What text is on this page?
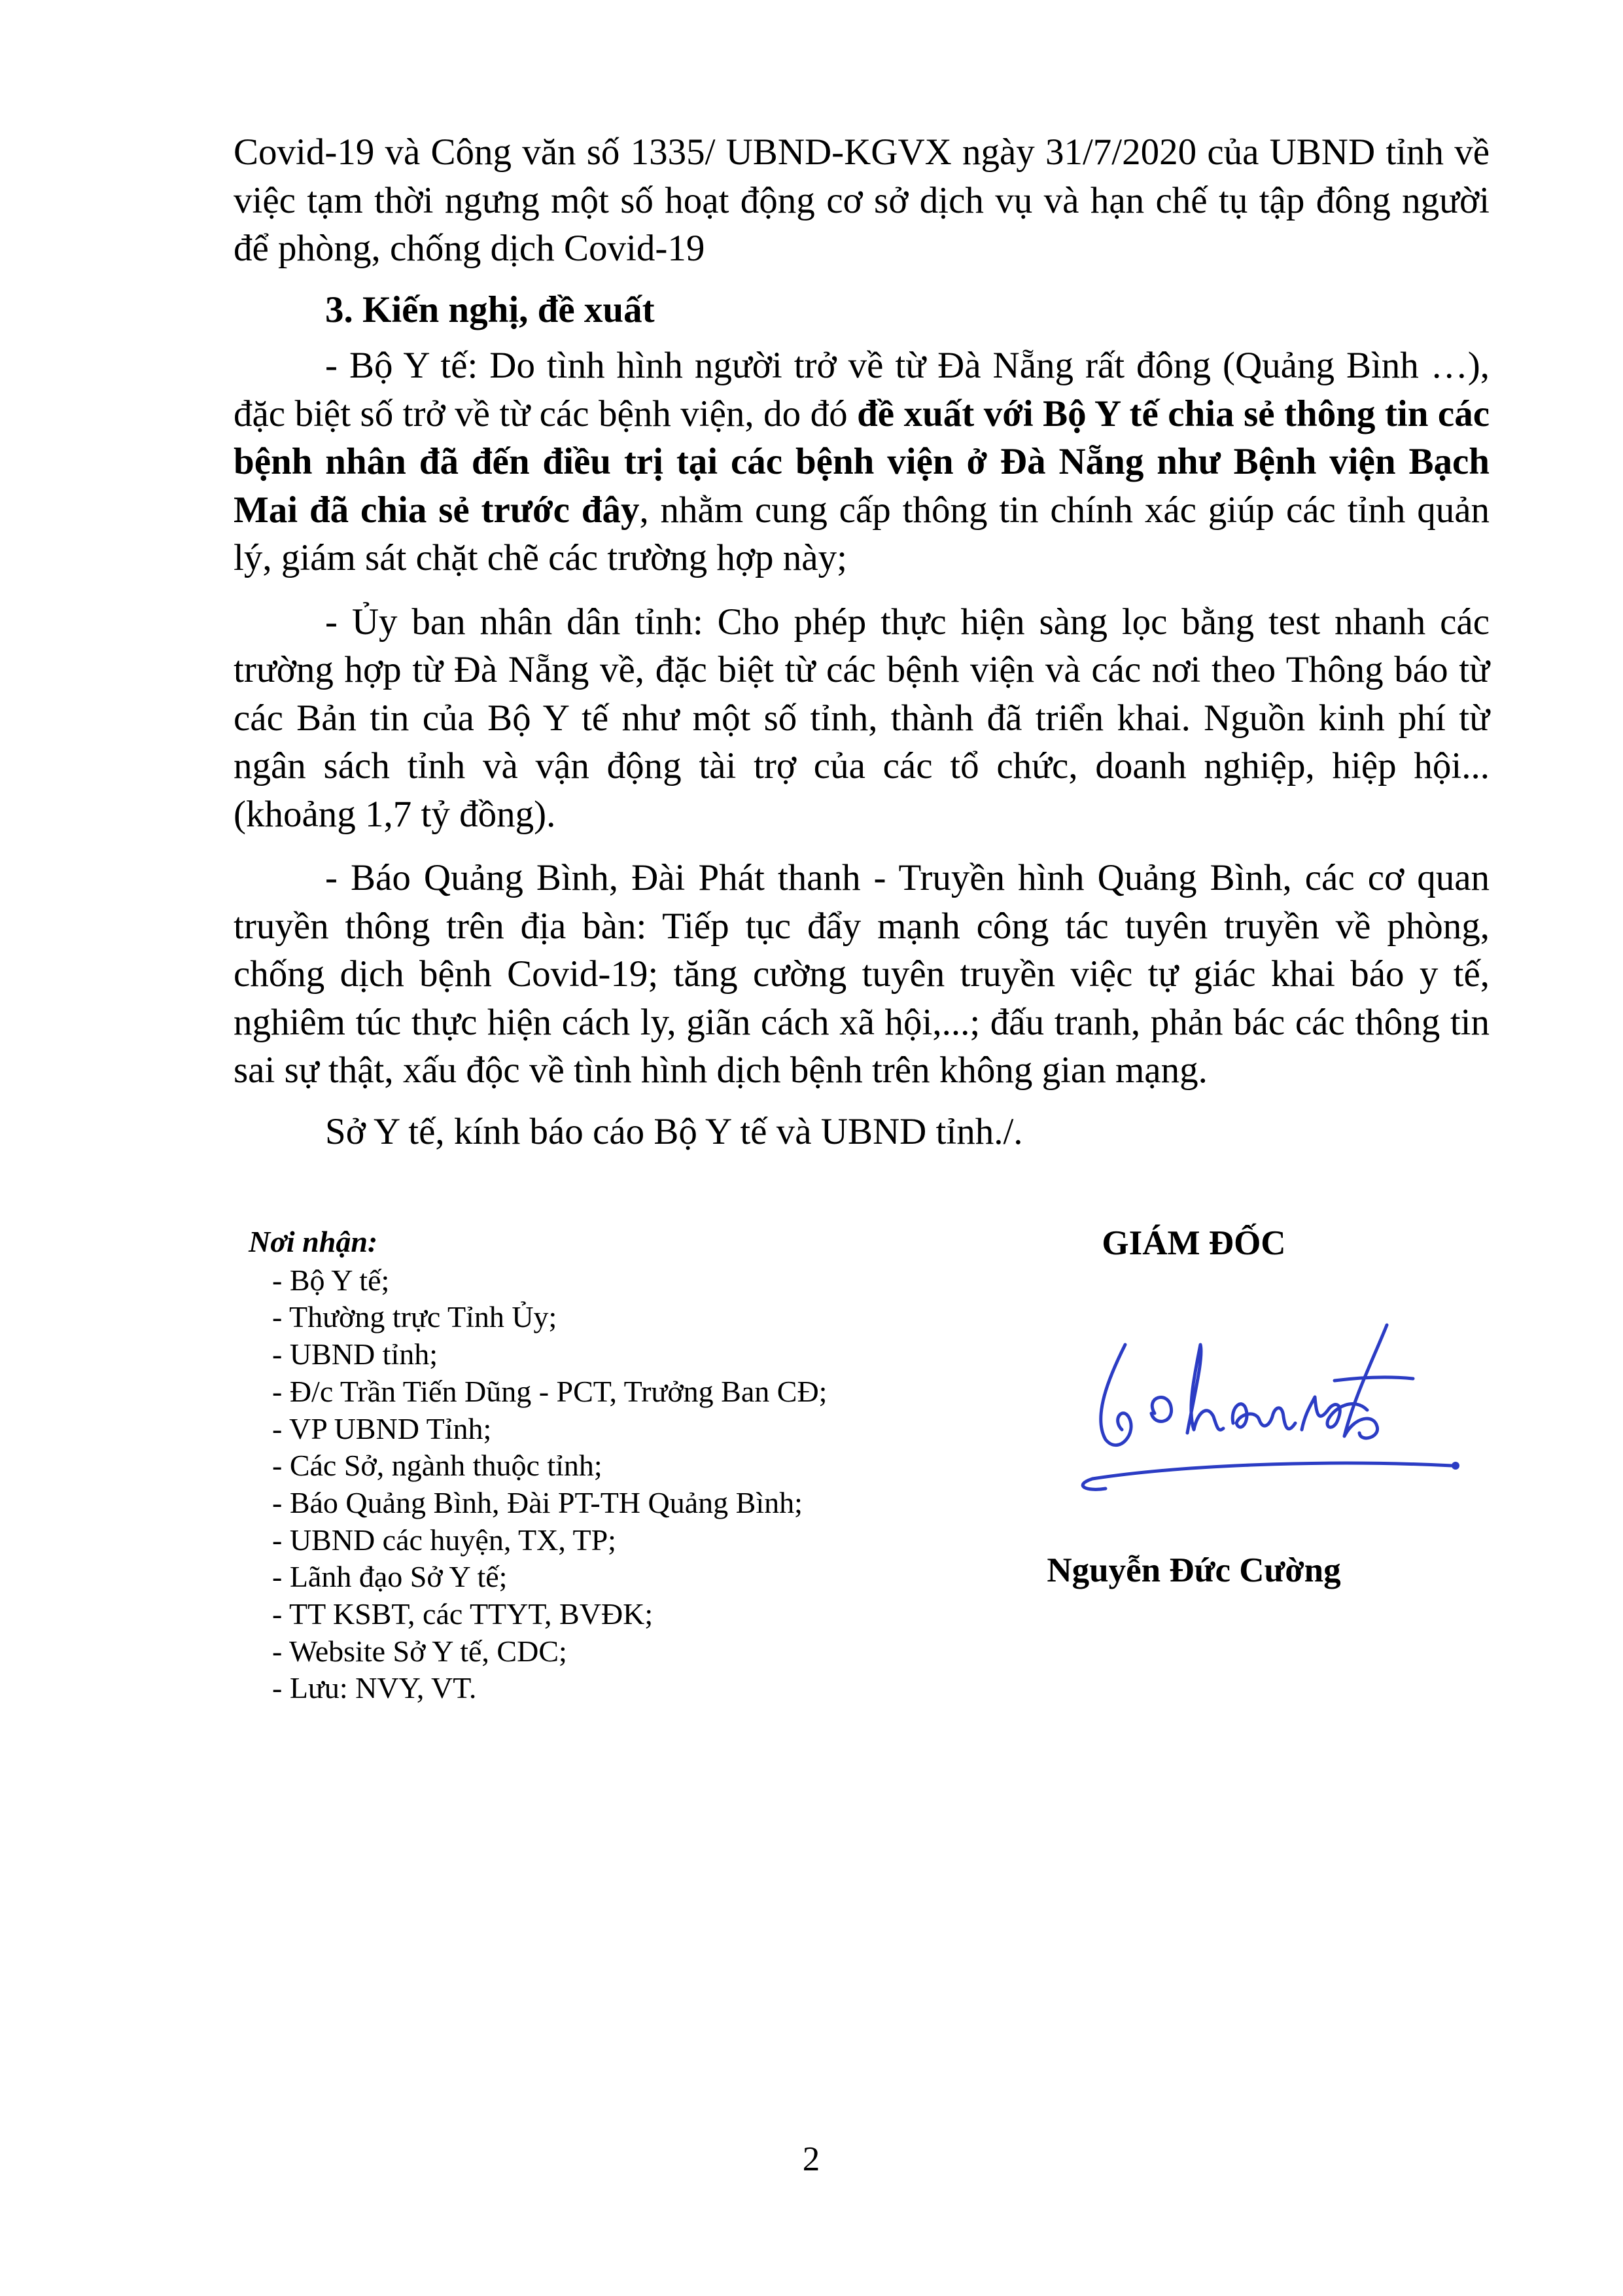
Covid-19 và Công văn số 1335/ UBND-KGVX ngày 31/7/2020 của UBND tỉnh về việc tạm thời ngưng một số hoạt động cơ sở dịch vụ và hạn chế tụ tập đông người để phòng, chống dịch Covid-19

3. Kiến nghị, đề xuất

- Bộ Y tế: Do tình hình người trở về từ Đà Nẵng rất đông (Quảng Bình …), đặc biệt số trở về từ các bệnh viện, do đó đề xuất với Bộ Y tế chia sẻ thông tin các bệnh nhân đã đến điều trị tại các bệnh viện ở Đà Nẵng như Bệnh viện Bạch Mai đã chia sẻ trước đây, nhằm cung cấp thông tin chính xác giúp các tỉnh quản lý, giám sát chặt chẽ các trường hợp này;

- Ủy ban nhân dân tỉnh: Cho phép thực hiện sàng lọc bằng test nhanh các trường hợp từ Đà Nẵng về, đặc biệt từ các bệnh viện và các nơi theo Thông báo từ các Bản tin của Bộ Y tế như một số tỉnh, thành đã triển khai. Nguồn kinh phí từ ngân sách tỉnh và vận động tài trợ của các tổ chức, doanh nghiệp, hiệp hội... (khoảng 1,7 tỷ đồng).

- Báo Quảng Bình, Đài Phát thanh - Truyền hình Quảng Bình, các cơ quan truyền thông trên địa bàn: Tiếp tục đẩy mạnh công tác tuyên truyền về phòng, chống dịch bệnh Covid-19; tăng cường tuyên truyền việc tự giác khai báo y tế, nghiêm túc thực hiện cách ly, giãn cách xã hội,...; đấu tranh, phản bác các thông tin sai sự thật, xấu độc về tình hình dịch bệnh trên không gian mạng.

Sở Y tế, kính báo cáo Bộ Y tế và UBND tỉnh./.

Nơi nhận:
- Bộ Y tế;
- Thường trực Tỉnh Ủy;
- UBND tỉnh;
- Đ/c Trần Tiến Dũng - PCT, Trưởng Ban CĐ;
- VP UBND Tỉnh;
- Các Sở, ngành thuộc tỉnh;
- Báo Quảng Bình, Đài PT-TH Quảng Bình;
- UBND các huyện, TX, TP;
- Lãnh đạo Sở Y tế;
- TT KSBT, các TTYT, BVĐK;
- Website Sở Y tế, CDC;
- Lưu: NVY, VT.
GIÁM ĐỐC
Nguyễn Đức Cường
2
